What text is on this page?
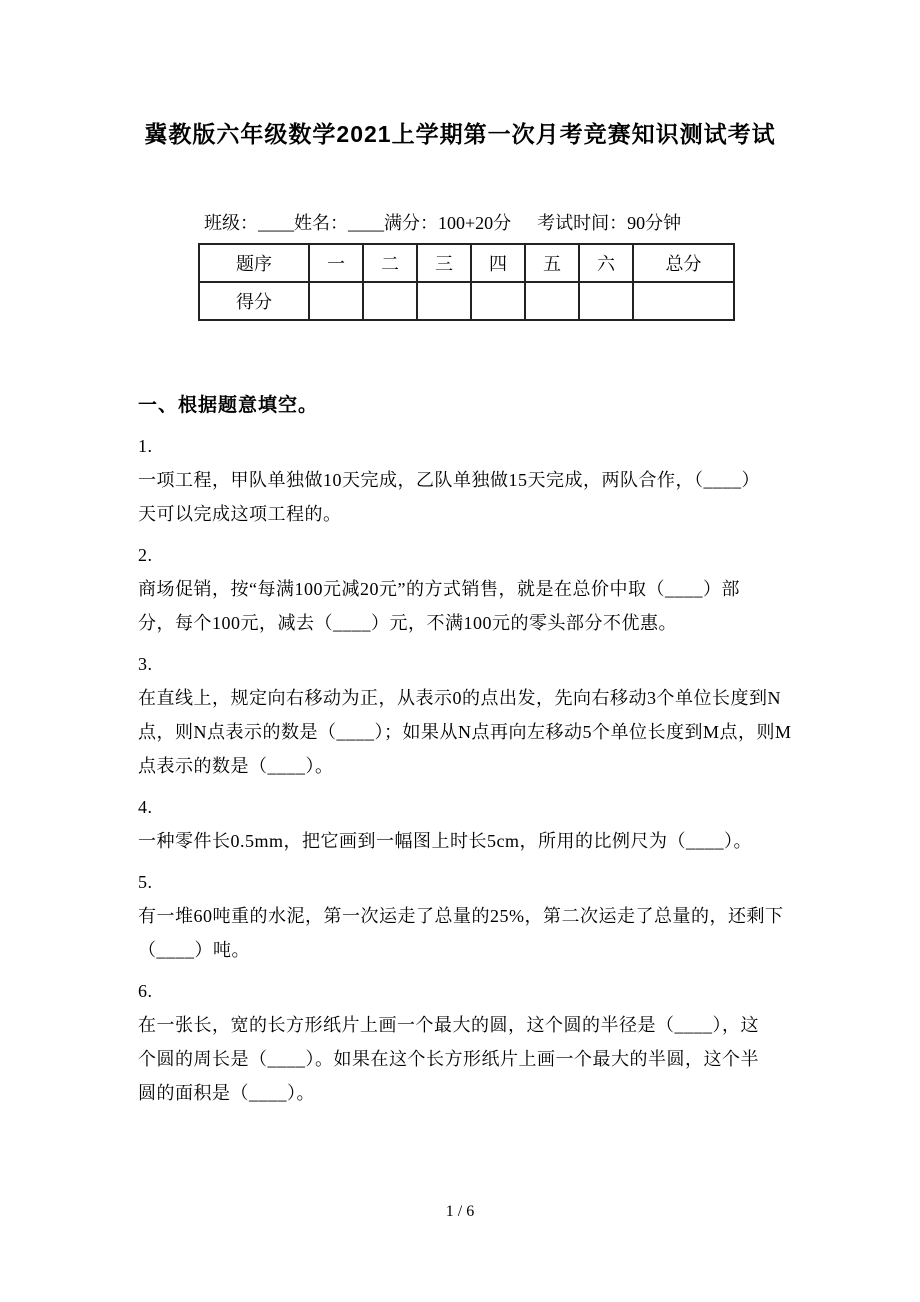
冀教版六年级数学2021上学期第一次月考竞赛知识测试考试
班级：____姓名：____满分：100+20分 考试时间：90分钟
题序	一	二	三	四	五	六	总分
得分							
一、根据题意填空。
1.
一项工程，甲队单独做10天完成，乙队单独做15天完成，两队合作，（____）
天可以完成这项工程的。
2.
商场促销，按“每满100元减20元”的方式销售，就是在总价中取（____）部
分，每个100元，减去（____）元，不满100元的零头部分不优惠。
3.
在直线上，规定向右移动为正，从表示0的点出发，先向右移动3个单位长度到N
点，则N点表示的数是（____）；如果从N点再向左移动5个单位长度到M点，则M
点表示的数是（____）。
4.
一种零件长0.5mm，把它画到一幅图上时长5cm，所用的比例尺为（____）。
5.
有一堆60吨重的水泥，第一次运走了总量的25%，第二次运走了总量的，还剩下
（____）吨。
6.
在一张长，宽的长方形纸片上画一个最大的圆，这个圆的半径是（____），这
个圆的周长是（____）。如果在这个长方形纸片上画一个最大的半圆，这个半
圆的面积是（____）。
1 / 6
